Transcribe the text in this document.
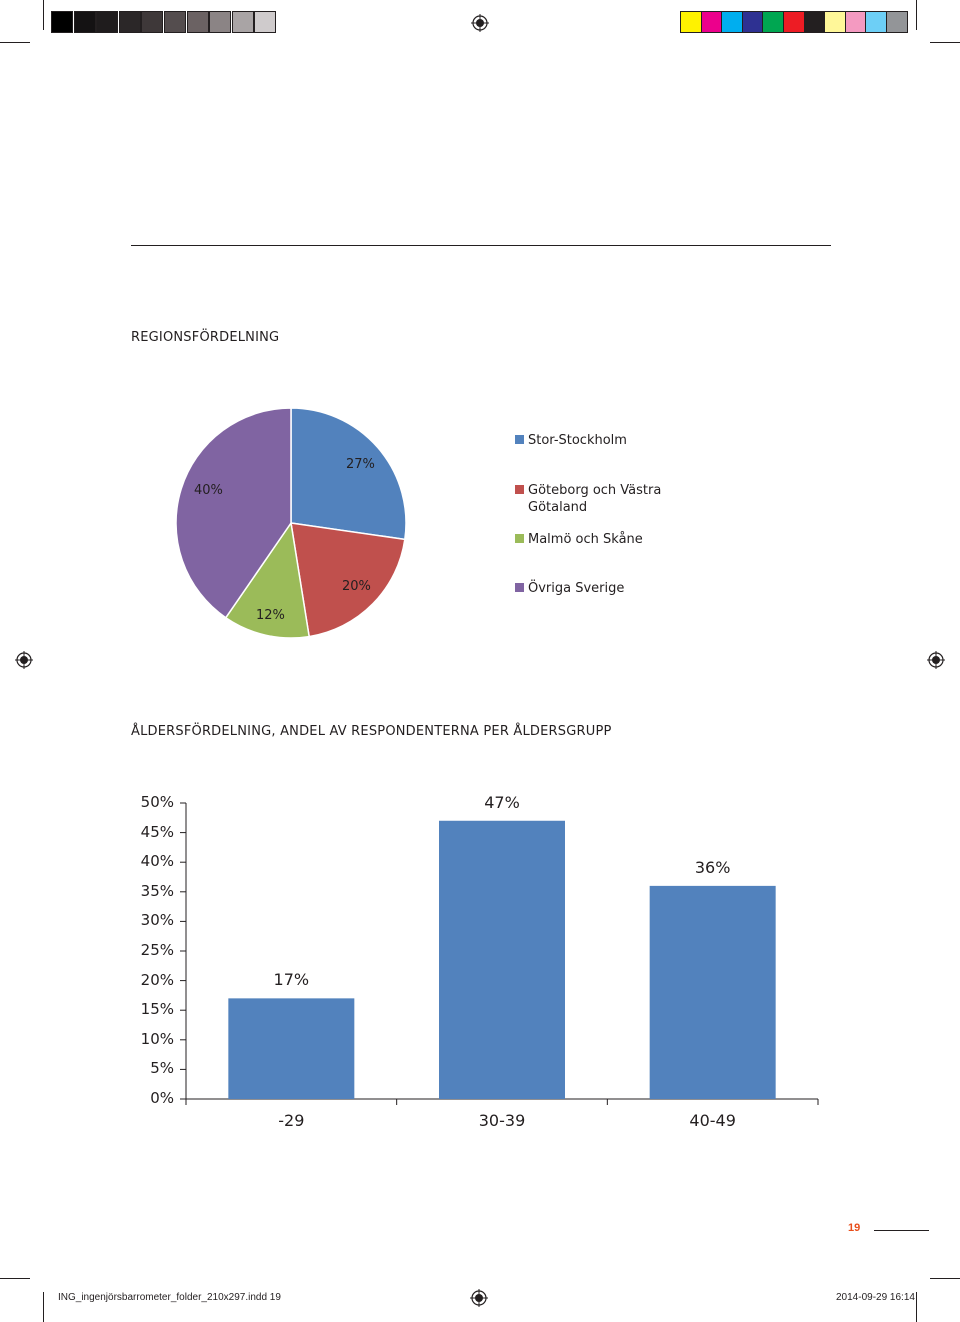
REGIONSFÖRDELNING
27%
20%
12%
40%
Stor-Stockholm
Göteborg och Västra Götaland
Malmö och Skåne
Övriga Sverige
ÅLDERSFÖRDELNING, ANDEL AV RESPONDENTERNA PER ÅLDERSGRUPP
0%
5%
10%
15%
20%
25%
30%
35%
40%
45%
50%
17%
47%
36%
-29	30-39	40-49
19
ING_ingenjörsbarrometer_folder_210x297.indd 19	2014-09-29 16:14
